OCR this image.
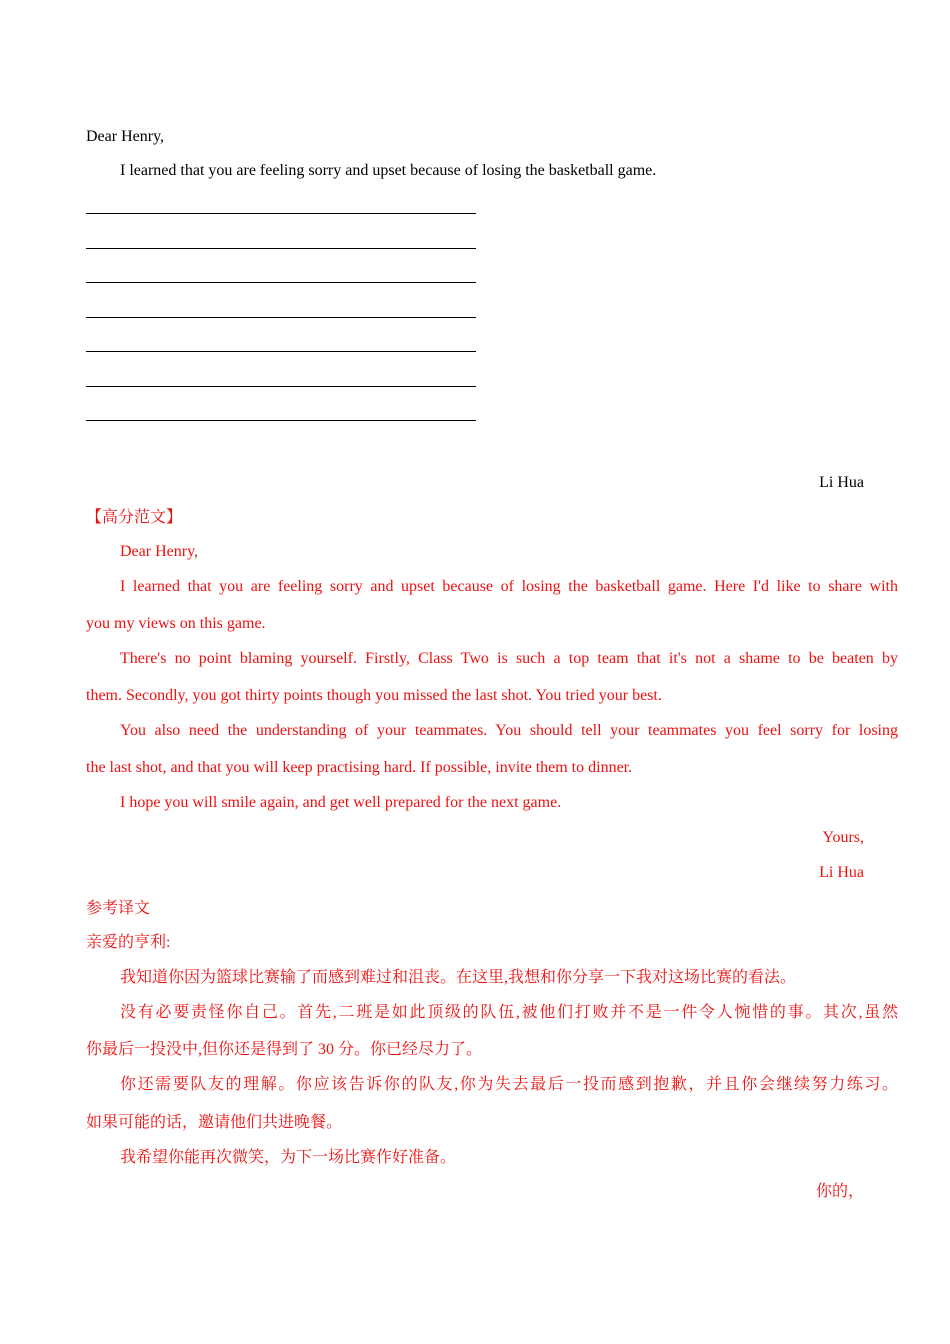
Dear Henry,
I learned that you are feeling sorry and upset because of losing the basketball game.
Li Hua
【高分范文】
Dear Henry,
I learned that you are feeling sorry and upset because of losing the basketball game. Here I'd like to share with
you my views on this game.
There's no point blaming yourself. Firstly, Class Two is such a top team that it's not a shame to be beaten by
them. Secondly, you got thirty points though you missed the last shot. You tried your best.
You also need the understanding of your teammates. You should tell your teammates you feel sorry for losing
the last shot, and that you will keep practising hard. If possible, invite them to dinner.
I hope you will smile again, and get well prepared for the next game.
Yours,
Li Hua
参考译文
亲爱的亨利:
我知道你因为篮球比赛输了而感到难过和沮丧。在这里,我想和你分享一下我对这场比赛的看法。
没有必要责怪你自己。首先,二班是如此顶级的队伍,被他们打败并不是一件令人惋惜的事。其次,虽然
你最后一投没中,但你还是得到了 30 分。你已经尽力了。
你还需要队友的理解。你应该告诉你的队友,你为失去最后一投而感到抱歉，并且你会继续努力练习。
如果可能的话，邀请他们共进晚餐。
我希望你能再次微笑，为下一场比赛作好准备。
你的，
